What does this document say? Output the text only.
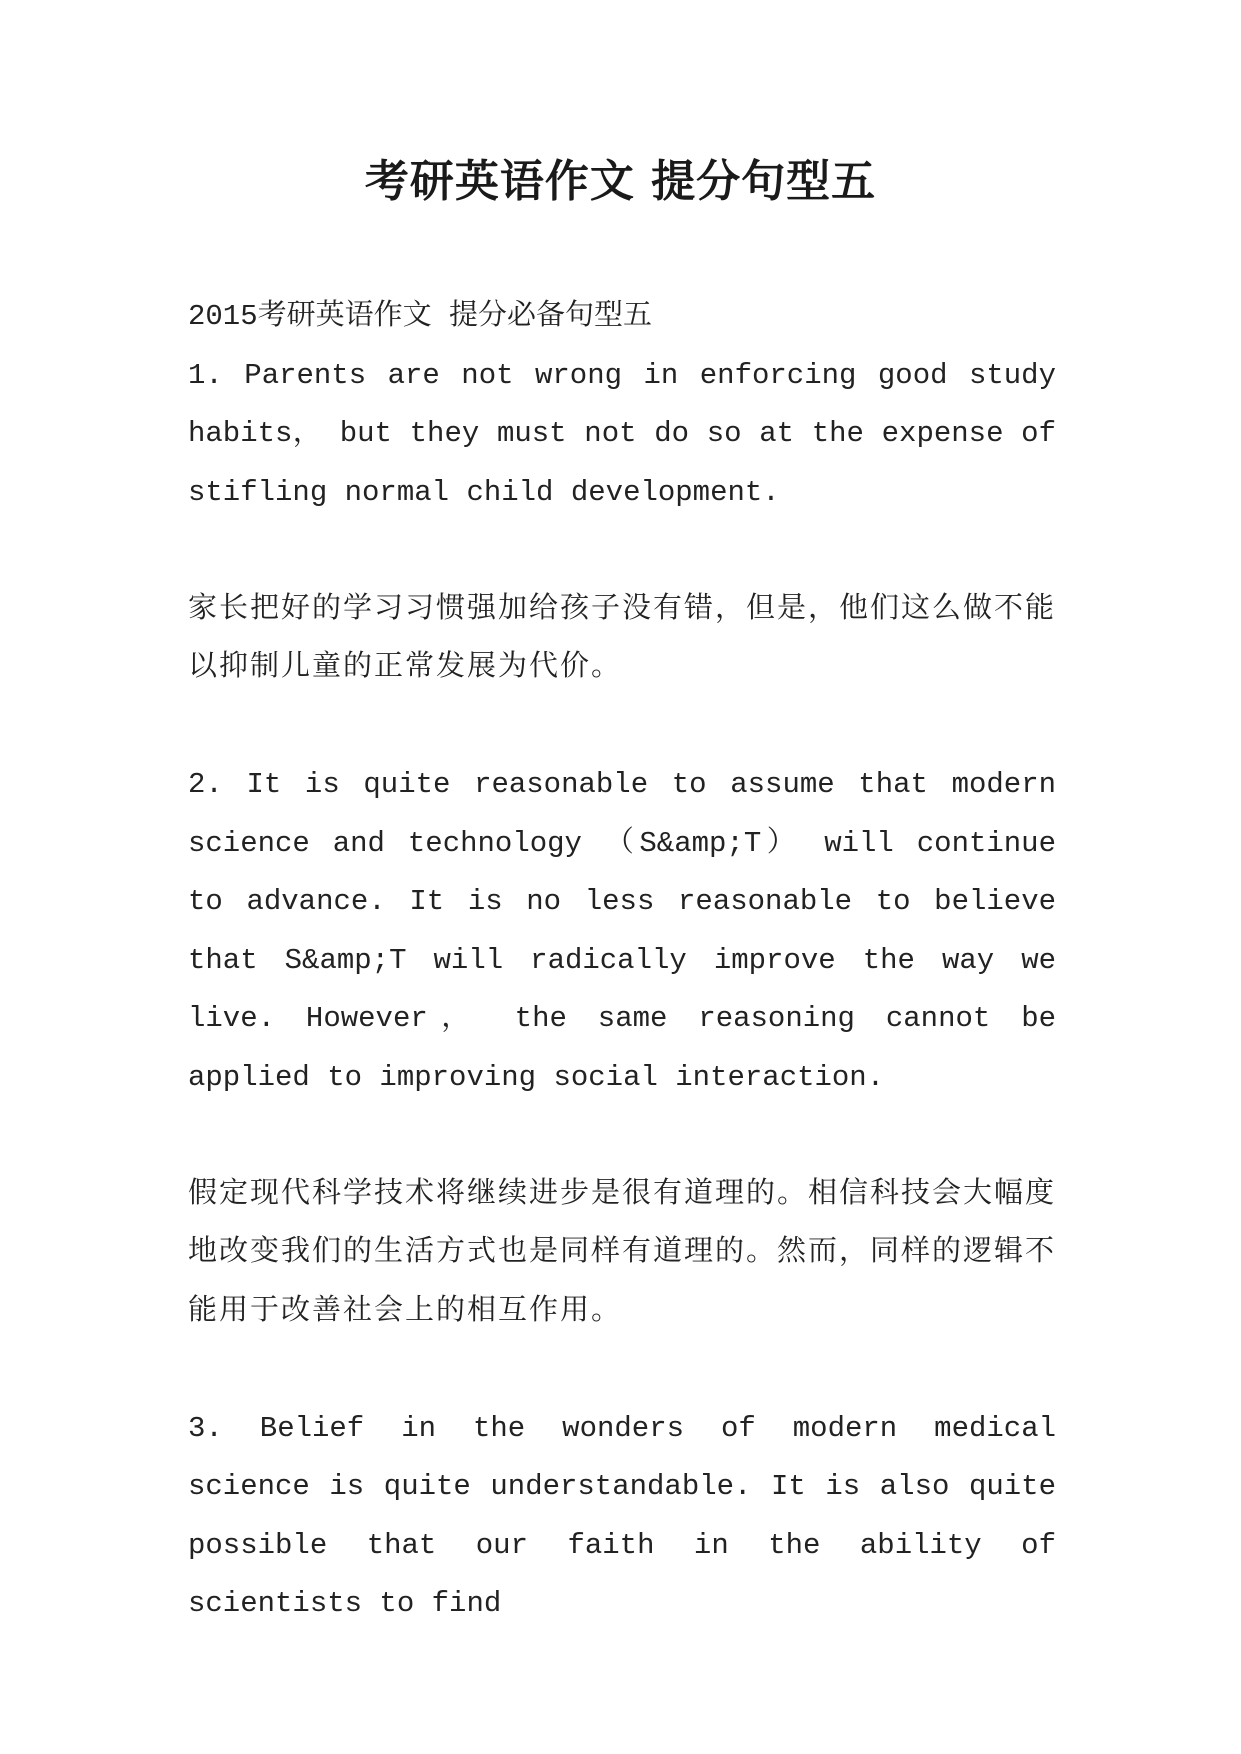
考研英语作文 提分句型五

2015考研英语作文 提分必备句型五

1. Parents are not wrong in enforcing good study habits， but they must not do so at the expense of stifling normal child development.

家长把好的学习习惯强加给孩子没有错，但是，他们这么做不能以抑制儿童的正常发展为代价。

2. It is quite reasonable to assume that modern science and technology （S&amp;T） will continue to advance. It is no less reasonable to believe that S&amp;T will radically improve the way we live. However， the same reasoning cannot be applied to improving social interaction.

假定现代科学技术将继续进步是很有道理的。相信科技会大幅度地改变我们的生活方式也是同样有道理的。然而，同样的逻辑不能用于改善社会上的相互作用。

3. Belief in the wonders of modern medical science is quite understandable. It is also quite possible that our faith in the ability of scientists to find
